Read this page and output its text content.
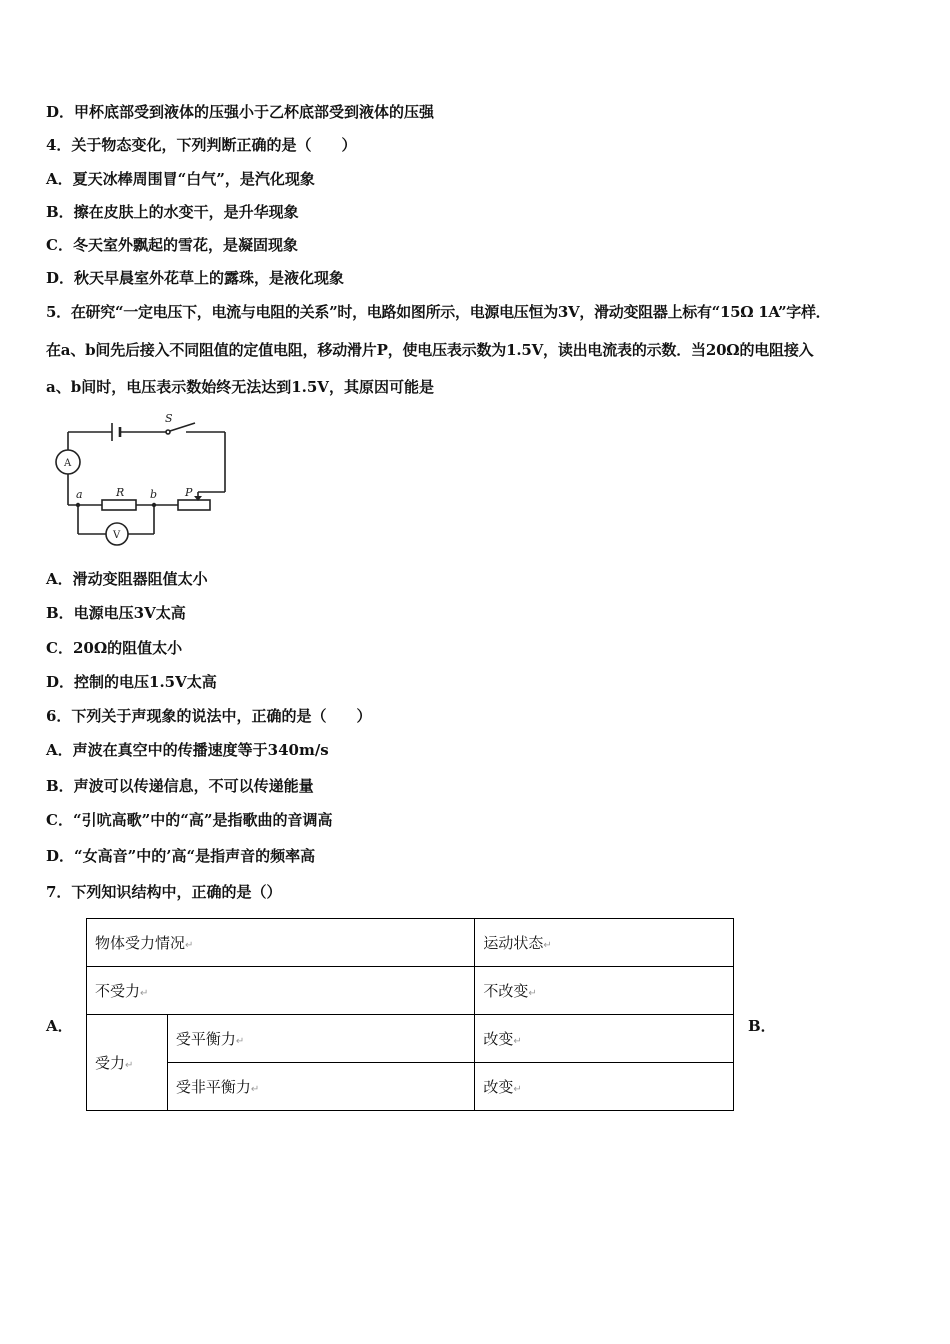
D．甲杯底部受到液体的压强小于乙杯底部受到液体的压强
4．关于物态变化，下列判断正确的是（　　）
A．夏天冰棒周围冒“白气”，是汽化现象
B．擦在皮肤上的水变干，是升华现象
C．冬天室外飘起的雪花，是凝固现象
D．秋天早晨室外花草上的露珠，是液化现象
5．在研究“一定电压下，电流与电阻的关系”时，电路如图所示，电源电压恒为3V，滑动变阻器上标有“15Ω 1A”字样．
在a、b间先后接入不同阻值的定值电阻，移动滑片P，使电压表示数为1.5V，读出电流表的示数．当20Ω的电阻接入
a、b间时，电压表示数始终无法达到1.5V，其原因可能是
S
A
V
a	R b	P
A．滑动变阻器阻值太小
B．电源电压3V太高
C．20Ω的阻值太小
D．控制的电压1.5V太高
6．下列关于声现象的说法中，正确的是（　　）
A．声波在真空中的传播速度等于340m/s
B．声波可以传递信息，不可以传递能量
C．“引吭高歌”中的“高”是指歌曲的音调高
D．“女高音”中的’高“是指声音的频率高
7．下列知识结构中，正确的是（）
A．	B．
物体受力情况↵		运动状态↵
不受力↵		不改变↵
受力↵	受平衡力↵	改变↵
	受非平衡力↵	改变↵
